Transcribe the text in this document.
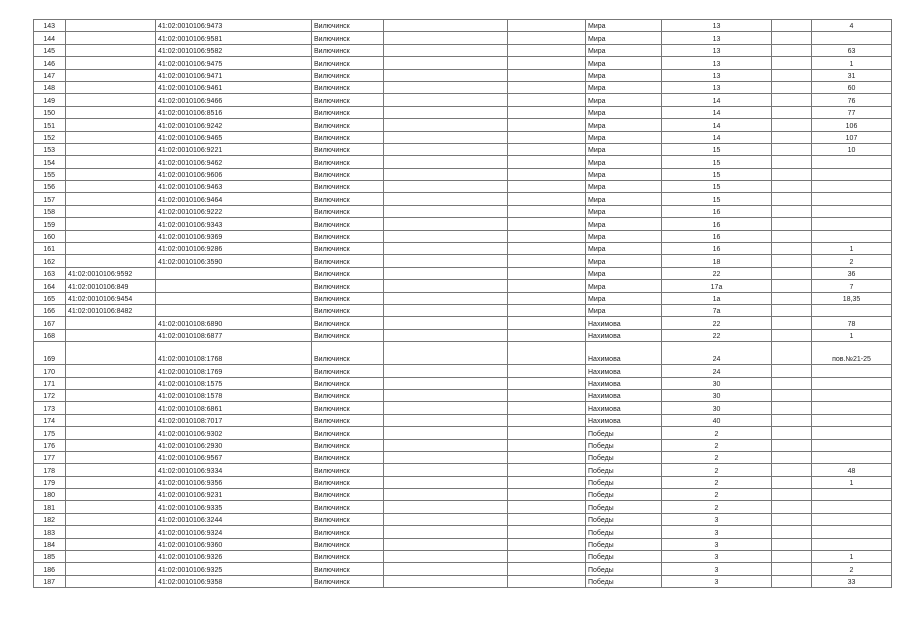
143		41:02:0010106:9473	Вилючинск			Мира	13		4
144		41:02:0010106:9581	Вилючинск			Мира	13		
145		41:02:0010106:9582	Вилючинск			Мира	13		63
146		41:02:0010106:9475	Вилючинск			Мира	13		1
147		41:02:0010106:9471	Вилючинск			Мира	13		31
148		41:02:0010106:9461	Вилючинск			Мира	13		60
149		41:02:0010106:9466	Вилючинск			Мира	14		76
150		41:02:0010106:8516	Вилючинск			Мира	14		77
151		41:02:0010106:9242	Вилючинск			Мира	14		106
152		41:02:0010106:9465	Вилючинск			Мира	14		107
153		41:02:0010106:9221	Вилючинск			Мира	15		10
154		41:02:0010106:9462	Вилючинск			Мира	15		
155		41:02:0010106:9606	Вилючинск			Мира	15		
156		41:02:0010106:9463	Вилючинск			Мира	15		
157		41:02:0010106:9464	Вилючинск			Мира	15		
158		41:02:0010106:9222	Вилючинск			Мира	16		
159		41:02:0010106:9343	Вилючинск			Мира	16		
160		41:02:0010106:9369	Вилючинск			Мира	16		
161		41:02:0010106:9286	Вилючинск			Мира	16		1
162		41:02:0010106:3590	Вилючинск			Мира	18		2
163	41:02:0010106:9592		Вилючинск			Мира	22		36
164	41:02:0010106:849		Вилючинск			Мира	17а		7
165	41:02:0010106:9454		Вилючинск			Мира	1а		18,35
166	41:02:0010106:8482		Вилючинск			Мира	7а		
167		41:02:0010108:6890	Вилючинск			Нахимова	22		78
168		41:02:0010108:6877	Вилючинск			Нахимова	22		1
169		41:02:0010108:1768	Вилючинск			Нахимова	24		пов.№21-25
170		41:02:0010108:1769	Вилючинск			Нахимова	24		
171		41:02:0010108:1575	Вилючинск			Нахимова	30		
172		41:02:0010108:1578	Вилючинск			Нахимова	30		
173		41:02:0010108:6861	Вилючинск			Нахимова	30		
174		41:02:0010108:7017	Вилючинск			Нахимова	40		
175		41:02:0010106:9302	Вилючинск			Победы	2		
176		41:02:0010106:2930	Вилючинск			Победы	2		
177		41:02:0010106:9567	Вилючинск			Победы	2		
178		41:02:0010106:9334	Вилючинск			Победы	2		48
179		41:02:0010106:9356	Вилючинск			Победы	2		1
180		41:02:0010106:9231	Вилючинск			Победы	2		
181		41:02:0010106:9335	Вилючинск			Победы	2		
182		41:02:0010106:3244	Вилючинск			Победы	3		
183		41:02:0010106:9324	Вилючинск			Победы	3		
184		41:02:0010106:9360	Вилючинск			Победы	3		
185		41:02:0010106:9326	Вилючинск			Победы	3		1
186		41:02:0010106:9325	Вилючинск			Победы	3		2
187		41:02:0010106:9358	Вилючинск			Победы	3		33
